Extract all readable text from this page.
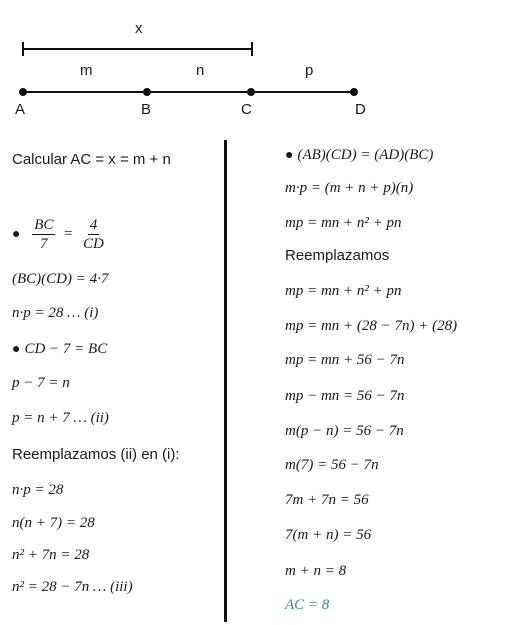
x
m	n	p
A	B	C	D
Calcular AC = x = m + n
● $\frac{BC}{7} = \frac{4}{CD}$
(BC)(CD) = 4·7
n·p = 28 … (i)
● CD − 7 = BC
p − 7 = n
p = n + 7 … (ii)
Reemplazamos (ii) en (i):
n·p = 28
n(n + 7) = 28
n² + 7n = 28
n² = 28 − 7n … (iii)
● (AB)(CD) = (AD)(BC)
m·p = (m + n + p)(n)
mp = mn + n² + pn
Reemplazamos
mp = mn + n² + pn
mp = mn + (28 − 7n) + (28)
mp = mn + 56 − 7n
mp − mn = 56 − 7n
m(p − n) = 56 − 7n
m(7) = 56 − 7n
7m + 7n = 56
7(m + n) = 56
m + n = 8
AC = 8
